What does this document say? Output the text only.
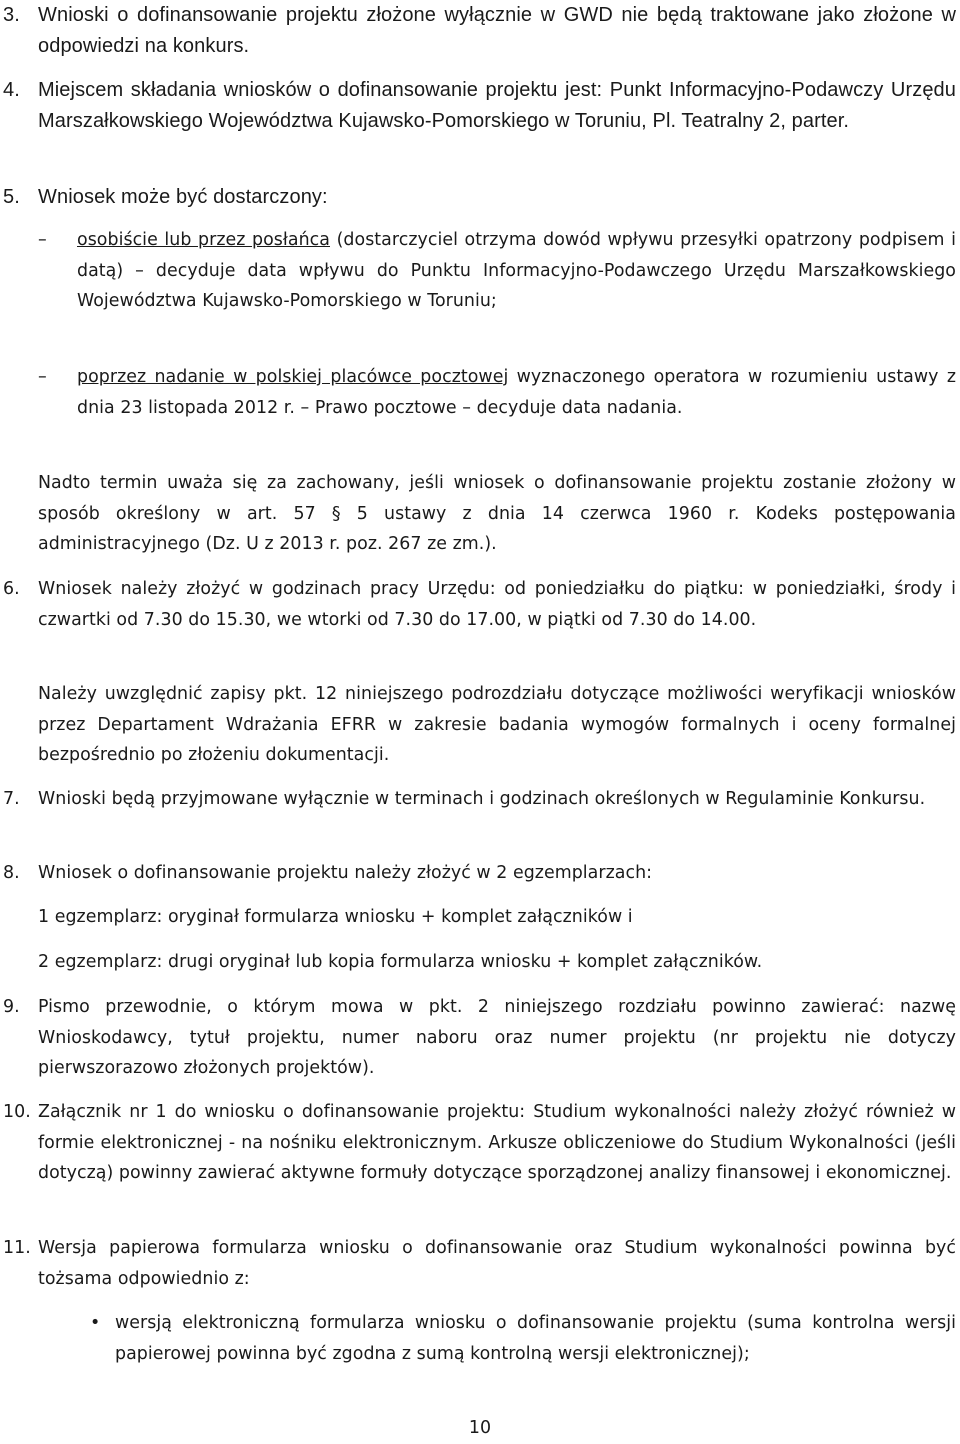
3. Wnioski o dofinansowanie projektu złożone wyłącznie w GWD nie będą traktowane jako złożone w odpowiedzi na konkurs.
4. Miejscem składania wniosków o dofinansowanie projektu jest: Punkt Informacyjno-Podawczy Urzędu Marszałkowskiego Województwa Kujawsko-Pomorskiego w Toruniu, Pl. Teatralny 2, parter.
5. Wniosek może być dostarczony:
– osobiście lub przez posłańca (dostarczyciel otrzyma dowód wpływu przesyłki opatrzony podpisem i datą) – decyduje data wpływu do Punktu Informacyjno-Podawczego Urzędu Marszałkowskiego Województwa Kujawsko-Pomorskiego w Toruniu;
– poprzez nadanie w polskiej placówce pocztowej wyznaczonego operatora w rozumieniu ustawy z dnia 23 listopada 2012 r. – Prawo pocztowe – decyduje data nadania.
Nadto termin uważa się za zachowany, jeśli wniosek o dofinansowanie projektu zostanie złożony w sposób określony w art. 57 § 5 ustawy z dnia 14 czerwca 1960 r. Kodeks postępowania administracyjnego (Dz. U z 2013 r. poz. 267 ze zm.).
6. Wniosek należy złożyć w godzinach pracy Urzędu: od poniedziałku do piątku: w poniedziałki, środy i czwartki od 7.30 do 15.30, we wtorki od 7.30 do 17.00, w piątki od 7.30 do 14.00.
Należy uwzględnić zapisy pkt. 12 niniejszego podrozdziału dotyczące możliwości weryfikacji wniosków przez Departament Wdrażania EFRR w zakresie badania wymogów formalnych i oceny formalnej bezpośrednio po złożeniu dokumentacji.
7. Wnioski będą przyjmowane wyłącznie w terminach i godzinach określonych w Regulaminie Konkursu.
8. Wniosek o dofinansowanie projektu należy złożyć w 2 egzemplarzach:
1 egzemplarz: oryginał formularza wniosku + komplet załączników i
2 egzemplarz: drugi oryginał lub kopia formularza wniosku + komplet załączników.
9. Pismo przewodnie, o którym mowa w pkt. 2 niniejszego rozdziału powinno zawierać: nazwę Wnioskodawcy, tytuł projektu, numer naboru oraz numer projektu (nr projektu nie dotyczy pierwszorazowo złożonych projektów).
10. Załącznik nr 1 do wniosku o dofinansowanie projektu: Studium wykonalności należy złożyć również w formie elektronicznej - na nośniku elektronicznym. Arkusze obliczeniowe do Studium Wykonalności (jeśli dotyczą) powinny zawierać aktywne formuły dotyczące sporządzonej analizy finansowej i ekonomicznej.
11. Wersja papierowa formularza wniosku o dofinansowanie oraz Studium wykonalności powinna być tożsama odpowiednio z:
• wersją elektroniczną formularza wniosku o dofinansowanie projektu (suma kontrolna wersji papierowej powinna być zgodna z sumą kontrolną wersji elektronicznej);
10
